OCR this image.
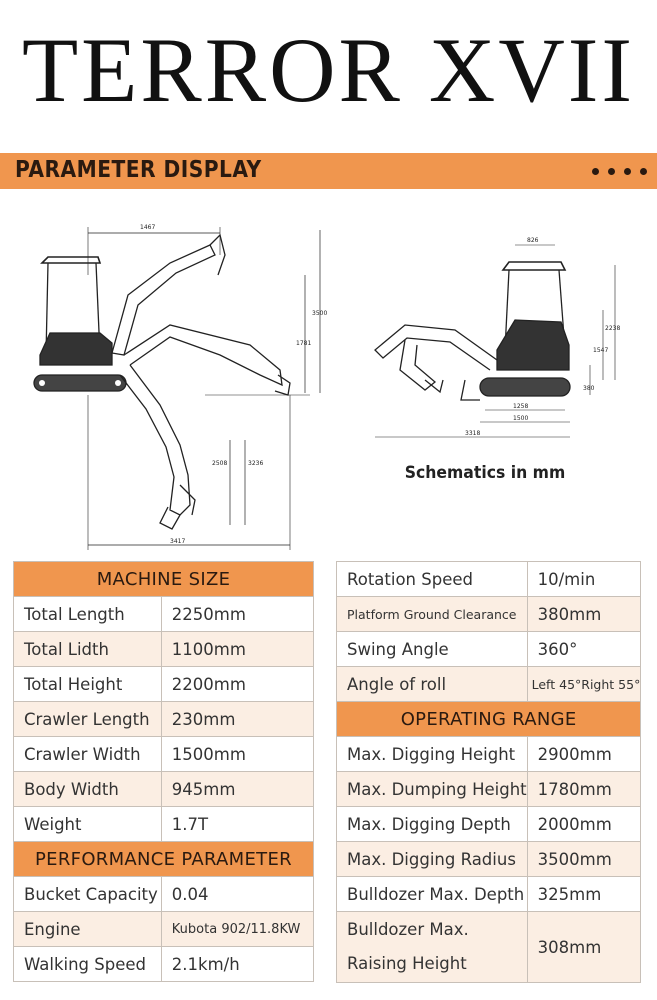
TERROR XVII
PARAMETER DISPLAY
1467
3417
2508	3236
1781
3500
826
2238
1547
380
1258
1500
3318
Schematics in mm
MACHINE SIZE	
Total Length	2250mm
Total Lidth	1100mm
Total Height	2200mm
Crawler Length	230mm
Crawler Width	1500mm
Body Width	945mm
Weight	1.7T
PERFORMANCE PARAMETER	
Bucket Capacity	0.04
Engine	Kubota 902/11.8KW
Walking Speed	2.1km/h
Rotation Speed	10/min
Platform Ground Clearance	380mm
Swing Angle	360°
Angle of roll	Left 45°Right 55°
OPERATING RANGE	
Max. Digging Height	2900mm
Max. Dumping Height	1780mm
Max. Digging Depth	2000mm
Max. Digging Radius	3500mm
Bulldozer Max. Depth	325mm

Bulldozer Max.
Raising Height	308mm
